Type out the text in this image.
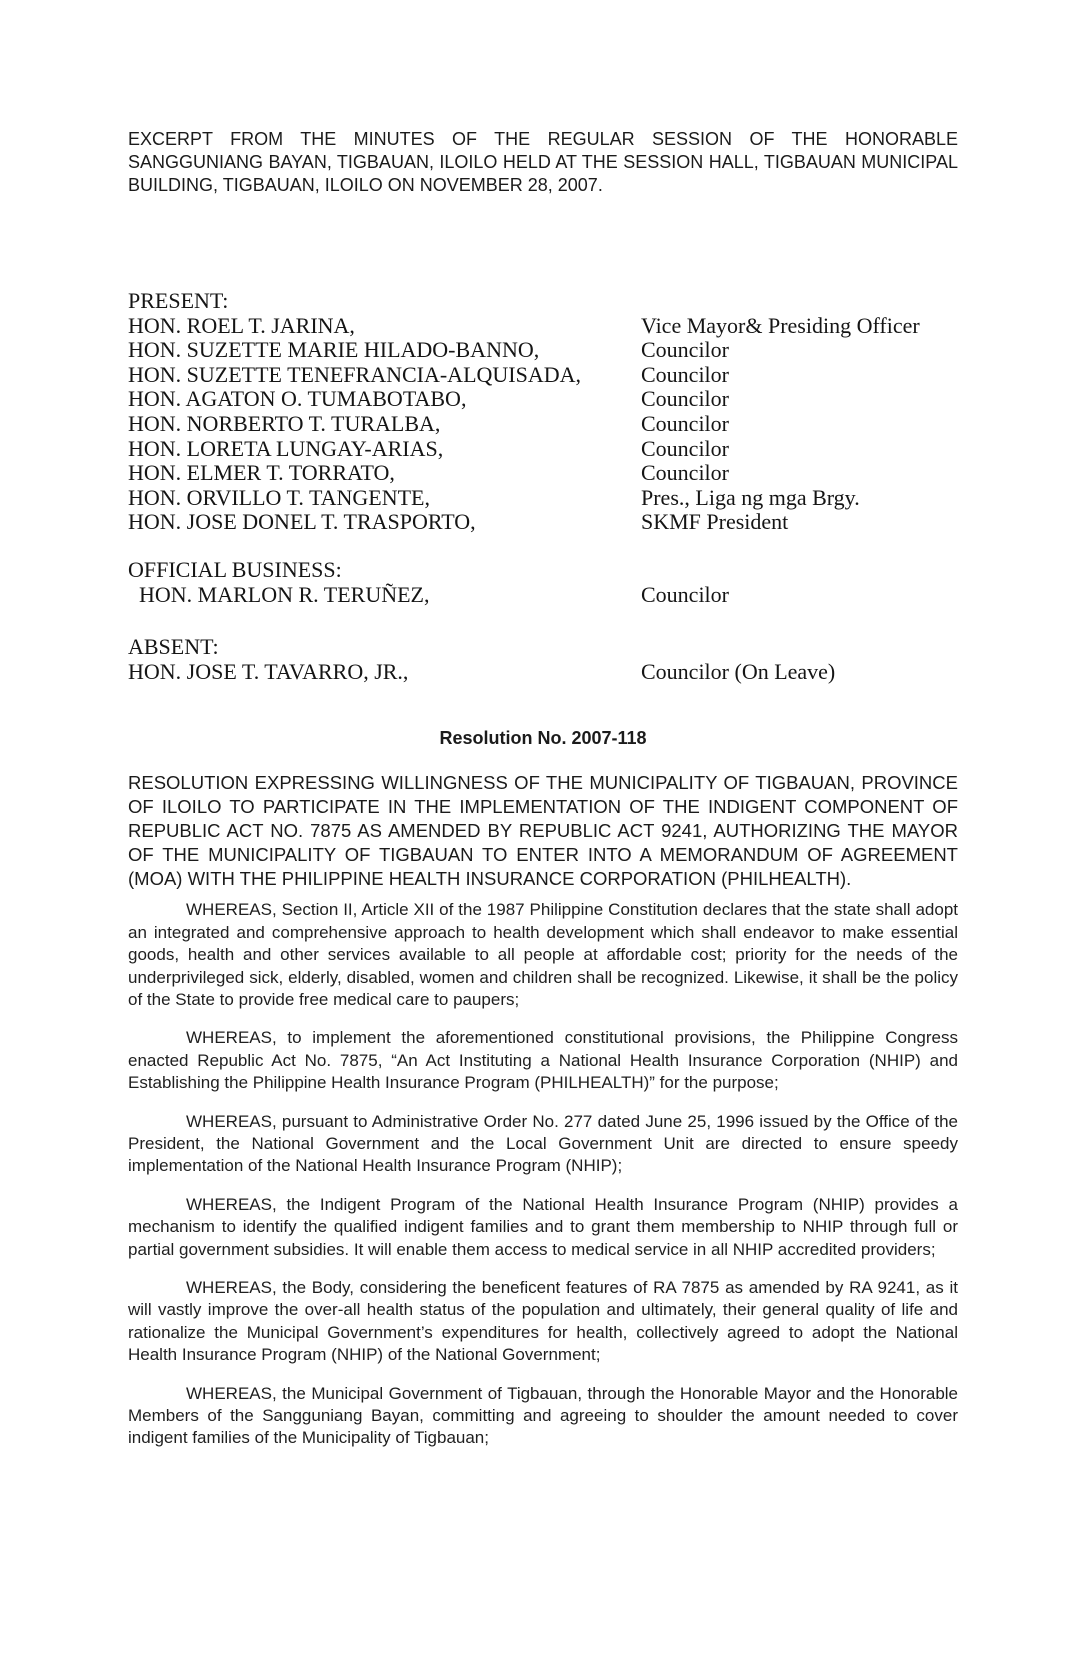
EXCERPT FROM THE MINUTES OF THE REGULAR SESSION OF THE HONORABLE SANGGUNIANG BAYAN, TIGBAUAN, ILOILO HELD AT THE SESSION HALL, TIGBAUAN MUNICIPAL BUILDING, TIGBAUAN, ILOILO ON NOVEMBER 28, 2007.
PRESENT:
HON. ROEL T. JARINA,	Vice Mayor& Presiding Officer
HON. SUZETTE MARIE HILADO-BANNO,	Councilor
HON. SUZETTE TENEFRANCIA-ALQUISADA,	Councilor
HON. AGATON O. TUMABOTABO,	Councilor
HON. NORBERTO T. TURALBA,	Councilor
HON. LORETA LUNGAY-ARIAS,	Councilor
HON. ELMER T. TORRATO,	Councilor
HON. ORVILLO T. TANGENTE,	Pres., Liga ng mga Brgy.
HON. JOSE DONEL T. TRASPORTO,	SKMF President
OFFICIAL BUSINESS:
HON. MARLON R. TERUÑEZ,	Councilor
ABSENT:
HON. JOSE T. TAVARRO, JR.,	Councilor (On Leave)
Resolution No. 2007-118
RESOLUTION EXPRESSING WILLINGNESS OF THE MUNICIPALITY OF TIGBAUAN, PROVINCE OF ILOILO TO PARTICIPATE IN THE IMPLEMENTATION OF THE INDIGENT COMPONENT OF REPUBLIC ACT NO. 7875 AS AMENDED BY REPUBLIC ACT 9241, AUTHORIZING THE MAYOR OF THE MUNICIPALITY OF TIGBAUAN TO ENTER INTO A MEMORANDUM OF AGREEMENT (MOA) WITH THE PHILIPPINE HEALTH INSURANCE CORPORATION (PHILHEALTH).

WHEREAS, Section II, Article XII of the 1987 Philippine Constitution declares that the state shall adopt an integrated and comprehensive approach to health development which shall endeavor to make essential goods, health and other services available to all people at affordable cost; priority for the needs of the underprivileged sick, elderly, disabled, women and children shall be recognized. Likewise, it shall be the policy of the State to provide free medical care to paupers;

WHEREAS, to implement the aforementioned constitutional provisions, the Philippine Congress enacted Republic Act No. 7875, “An Act Instituting a National Health Insurance Corporation (NHIP) and Establishing the Philippine Health Insurance Program (PHILHEALTH)” for the purpose;

WHEREAS, pursuant to Administrative Order No. 277 dated June 25, 1996 issued by the Office of the President, the National Government and the Local Government Unit are directed to ensure speedy implementation of the National Health Insurance Program (NHIP);

WHEREAS, the Indigent Program of the National Health Insurance Program (NHIP) provides a mechanism to identify the qualified indigent families and to grant them membership to NHIP through full or partial government subsidies. It will enable them access to medical service in all NHIP accredited providers;

WHEREAS, the Body, considering the beneficent features of RA 7875 as amended by RA 9241, as it will vastly improve the over-all health status of the population and ultimately, their general quality of life and rationalize the Municipal Government’s expenditures for health, collectively agreed to adopt the National Health Insurance Program (NHIP) of the National Government;

WHEREAS, the Municipal Government of Tigbauan, through the Honorable Mayor and the Honorable Members of the Sangguniang Bayan, committing and agreeing to shoulder the amount needed to cover indigent families of the Municipality of Tigbauan;
